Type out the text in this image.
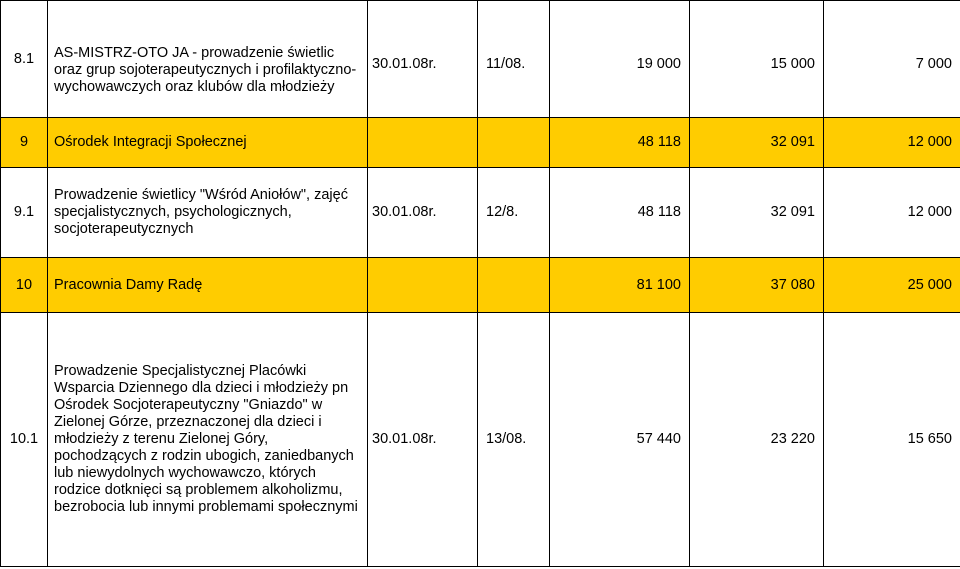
8.1	AS-MISTRZ-OTO JA - prowadzenie świetlic oraz grup sojoterapeutycznych i profilaktyczno-wychowawczych oraz klubów dla młodzieży	30.01.08r.	11/08.	19 000	15 000	7 000
9	Ośrodek Integracji Społecznej			48 118	32 091	12 000
9.1	Prowadzenie świetlicy "Wśród Aniołów", zajęć specjalistycznych, psychologicznych, socjoterapeutycznych	30.01.08r.	12/8.	48 118	32 091	12 000
10	Pracownia Damy Radę			81 100	37 080	25 000
10.1	Prowadzenie Specjalistycznej Placówki Wsparcia Dziennego dla dzieci i młodzieży pn Ośrodek Socjoterapeutyczny "Gniazdo" w Zielonej Górze, przeznaczonej dla dzieci i młodzieży z terenu Zielonej Góry, pochodzących z rodzin ubogich, zaniedbanych lub niewydolnych wychowawczo, których rodzice dotknięci są problemem alkoholizmu, bezrobocia lub innymi problemami społecznymi	30.01.08r.	13/08.	57 440	23 220	15 650
